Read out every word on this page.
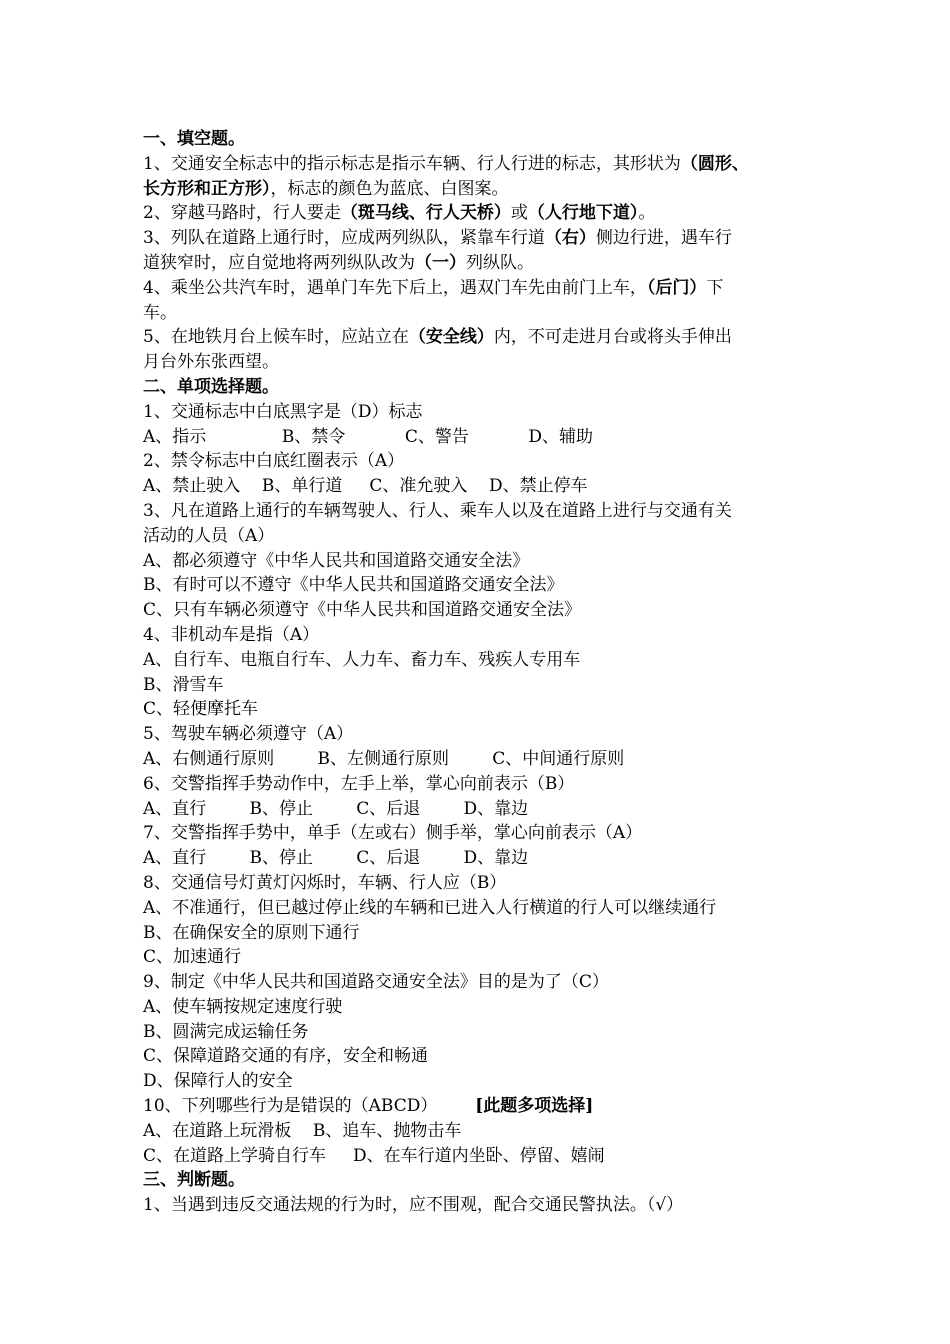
一、填空题。
1、交通安全标志中的指示标志是指示车辆、行人行进的标志，其形状为（圆形、
长方形和正方形），标志的颜色为蓝底、白图案。
2、穿越马路时，行人要走（斑马线、行人天桥）或（人行地下道）。
3、列队在道路上通行时，应成两列纵队，紧靠车行道（右）侧边行进，遇车行
道狭窄时，应自觉地将两列纵队改为（一）列纵队。
4、乘坐公共汽车时，遇单门车先下后上，遇双门车先由前门上车，（后门）下
车。
5、在地铁月台上候车时，应站立在（安全线）内，不可走进月台或将头手伸出
月台外东张西望。
二、单项选择题。
1、交通标志中白底黑字是（D）标志
A、指示              B、禁令           C、警告           D、辅助
2、禁令标志中白底红圈表示（A）
A、禁止驶入    B、单行道     C、准允驶入    D、禁止停车
3、凡在道路上通行的车辆驾驶人、行人、乘车人以及在道路上进行与交通有关
活动的人员（A）
A、都必须遵守《中华人民共和国道路交通安全法》
B、有时可以不遵守《中华人民共和国道路交通安全法》
C、只有车辆必须遵守《中华人民共和国道路交通安全法》
4、非机动车是指（A）
A、自行车、电瓶自行车、人力车、畜力车、残疾人专用车
B、滑雪车
C、轻便摩托车
5、驾驶车辆必须遵守（A）
A、右侧通行原则        B、左侧通行原则        C、中间通行原则
6、交警指挥手势动作中，左手上举，掌心向前表示（B）
A、直行        B、停止        C、后退        D、靠边
7、交警指挥手势中，单手（左或右）侧手举，掌心向前表示（A）
A、直行        B、停止        C、后退        D、靠边
8、交通信号灯黄灯闪烁时，车辆、行人应（B）
A、不准通行，但已越过停止线的车辆和已进入人行横道的行人可以继续通行
B、在确保安全的原则下通行
C、加速通行
9、制定《中华人民共和国道路交通安全法》目的是为了（C）
A、使车辆按规定速度行驶
B、圆满完成运输任务
C、保障道路交通的有序，安全和畅通
D、保障行人的安全
10、下列哪些行为是错误的（ABCD）       [此题多项选择]
A、在道路上玩滑板    B、追车、抛物击车
C、在道路上学骑自行车     D、在车行道内坐卧、停留、嬉闹
三、判断题。
1、当遇到违反交通法规的行为时，应不围观，配合交通民警执法。（√）
